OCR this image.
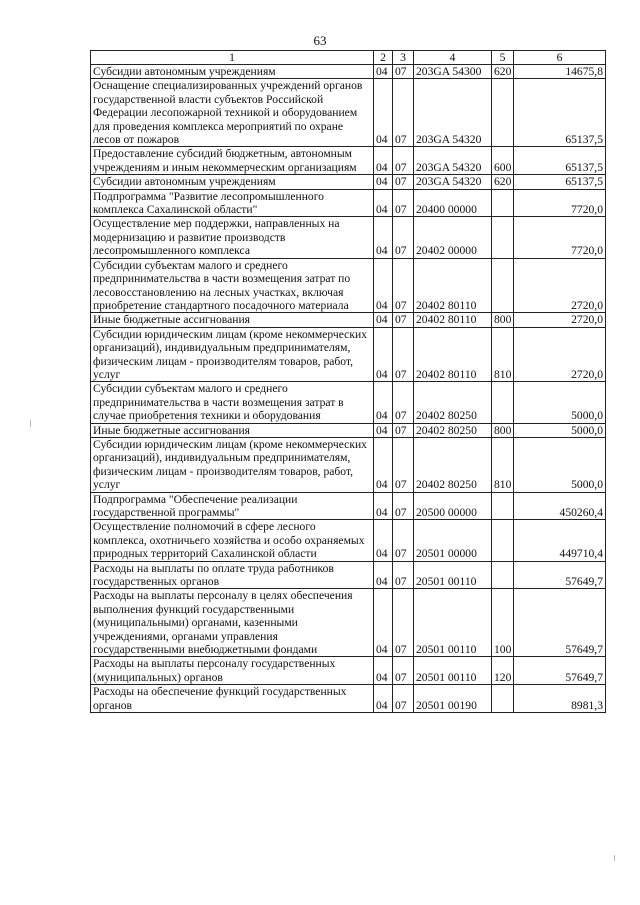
63
1	2	3	4	5	6
Субсидии автономным учреждениям	04	07	203GA 54300	620	14675,8
Оснащение специализированных учреждений органов государственной власти субъектов Российской Федерации лесопожарной техникой и оборудованием для проведения комплекса мероприятий по охране лесов от пожаров	04	07	203GA 54320		65137,5
Предоставление субсидий бюджетным, автономным учреждениям и иным некоммерческим организациям	04	07	203GA 54320	600	65137,5
Субсидии автономным учреждениям	04	07	203GA 54320	620	65137,5
Подпрограмма "Развитие лесопромышленного комплекса Сахалинской области"	04	07	20400 00000		7720,0
Осуществление мер поддержки, направленных на модернизацию и развитие производств лесопромышленного комплекса	04	07	20402 00000		7720,0
Субсидии субъектам малого и среднего предпринимательства в части возмещения затрат по лесовосстановлению на лесных участках, включая приобретение стандартного посадочного материала	04	07	20402 80110		2720,0
Иные бюджетные ассигнования	04	07	20402 80110	800	2720,0
Субсидии юридическим лицам (кроме некоммерческих организаций), индивидуальным предпринимателям, физическим лицам - производителям товаров, работ, услуг	04	07	20402 80110	810	2720,0
Субсидии субъектам малого и среднего предпринимательства в части возмещения затрат в случае приобретения техники и оборудования	04	07	20402 80250		5000,0
Иные бюджетные ассигнования	04	07	20402 80250	800	5000,0
Субсидии юридическим лицам (кроме некоммерческих организаций), индивидуальным предпринимателям, физическим лицам - производителям товаров, работ, услуг	04	07	20402 80250	810	5000,0
Подпрограмма "Обеспечение реализации государственной программы"	04	07	20500 00000		450260,4
Осуществление полномочий в сфере лесного комплекса, охотничьего хозяйства и особо охраняемых природных территорий Сахалинской области	04	07	20501 00000		449710,4
Расходы на выплаты по оплате труда работников государственных органов	04	07	20501 00110		57649,7
Расходы на выплаты персоналу в целях обеспечения выполнения функций государственными (муниципальными) органами, казенными учреждениями, органами управления государственными внебюджетными фондами	04	07	20501 00110	100	57649,7
Расходы на выплаты персоналу государственных (муниципальных) органов	04	07	20501 00110	120	57649,7
Расходы на обеспечение функций государственных органов	04	07	20501 00190		8981,3
